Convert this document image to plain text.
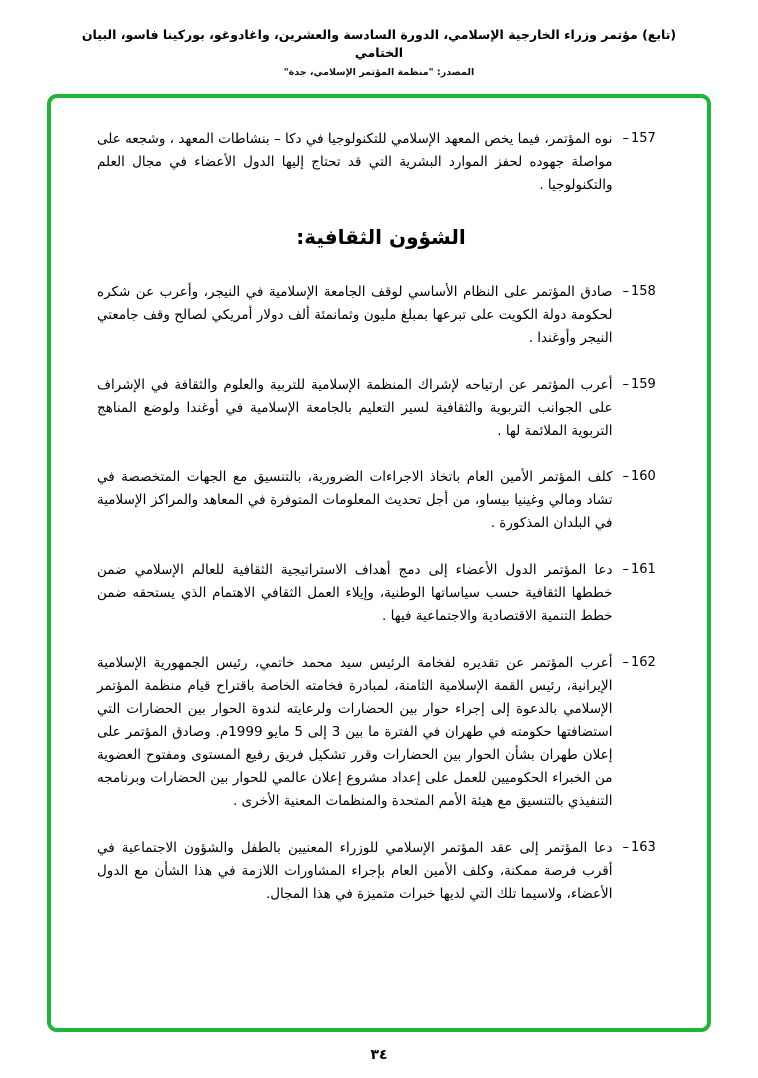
(تابع) مؤتمر وزراء الخارجية الإسلامي، الدورة السادسة والعشرين، واغادوغو، بوركينا فاسو، البيان الختامي
المصدر: "منظمة المؤتمر الإسلامي، جدة"
157
–

نوه المؤتمر، فيما يخص المعهد الإسلامي للتكنولوجيا في دكا – بنشاطات المعهد ، وشجعه على مواصلة جهوده لحفز الموارد البشرية التي قد تحتاج إليها الدول الأعضاء في مجال العلم والتكنولوجيا .

الشؤون الثقافية:
158
–

صادق المؤتمر على النظام الأساسي لوقف الجامعة الإسلامية في النيجر، وأعرب عن شكره لحكومة دولة الكويت على تبرعها بمبلغ مليون وثمانمئة ألف دولار أمريكي لصالح وقف جامعتي النيجر وأوغندا .

159
–

أعرب المؤتمر عن ارتياحه لإشراك المنظمة الإسلامية للتربية والعلوم والثقافة في الإشراف على الجوانب التربوية والثقافية لسير التعليم بالجامعة الإسلامية في أوغندا ولوضع المناهج التربوية الملائمة لها .

160
–

كلف المؤتمر الأمين العام باتخاذ الاجراءات الضرورية، بالتنسيق مع الجهات المتخصصة في تشاد ومالي وغينيا بيساو، من أجل تحديث المعلومات المتوفرة في المعاهد والمراكز الإسلامية في البلدان المذكورة .

161
–

دعا المؤتمر الدول الأعضاء إلى دمج أهداف الاستراتيجية الثقافية للعالم الإسلامي ضمن خططها الثقافية حسب سياساتها الوطنية، وإيلاء العمل الثقافي الاهتمام الذي يستحقه ضمن خطط التنمية الاقتصادية والاجتماعية فيها .

162
–

أعرب المؤتمر عن تقديره لفخامة الرئيس سيد محمد خاتمي، رئيس الجمهورية الإسلامية الإيرانية، رئيس القمة الإسلامية الثامنة، لمبادرة فخامته الخاصة باقتراح قيام منظمة المؤتمر الإسلامي بالدعوة إلى إجراء حوار بين الحضارات ولرعايته لندوة الحوار بين الحضارات التي استضافتها حكومته في طهران في الفترة ما بين 3 إلى 5 مايو 1999م. وصادق المؤتمر على إعلان طهران بشأن الحوار بين الحضارات وقرر تشكيل فريق رفيع المستوى ومفتوح العضوية من الخبراء الحكوميين للعمل على إعداد مشروع إعلان عالمي للحوار بين الحضارات وبرنامجه التنفيذي بالتنسيق مع هيئة الأمم المتحدة والمنظمات المعنية الأخرى .

163
–

دعا المؤتمر إلى عقد المؤتمر الإسلامي للوزراء المعنيين بالطفل والشؤون الاجتماعية في أقرب فرصة ممكنة، وكلف الأمين العام بإجراء المشاورات اللازمة في هذا الشأن مع الدول الأعضاء، ولاسيما تلك التي لديها خبرات متميزة في هذا المجال.

٣٤
